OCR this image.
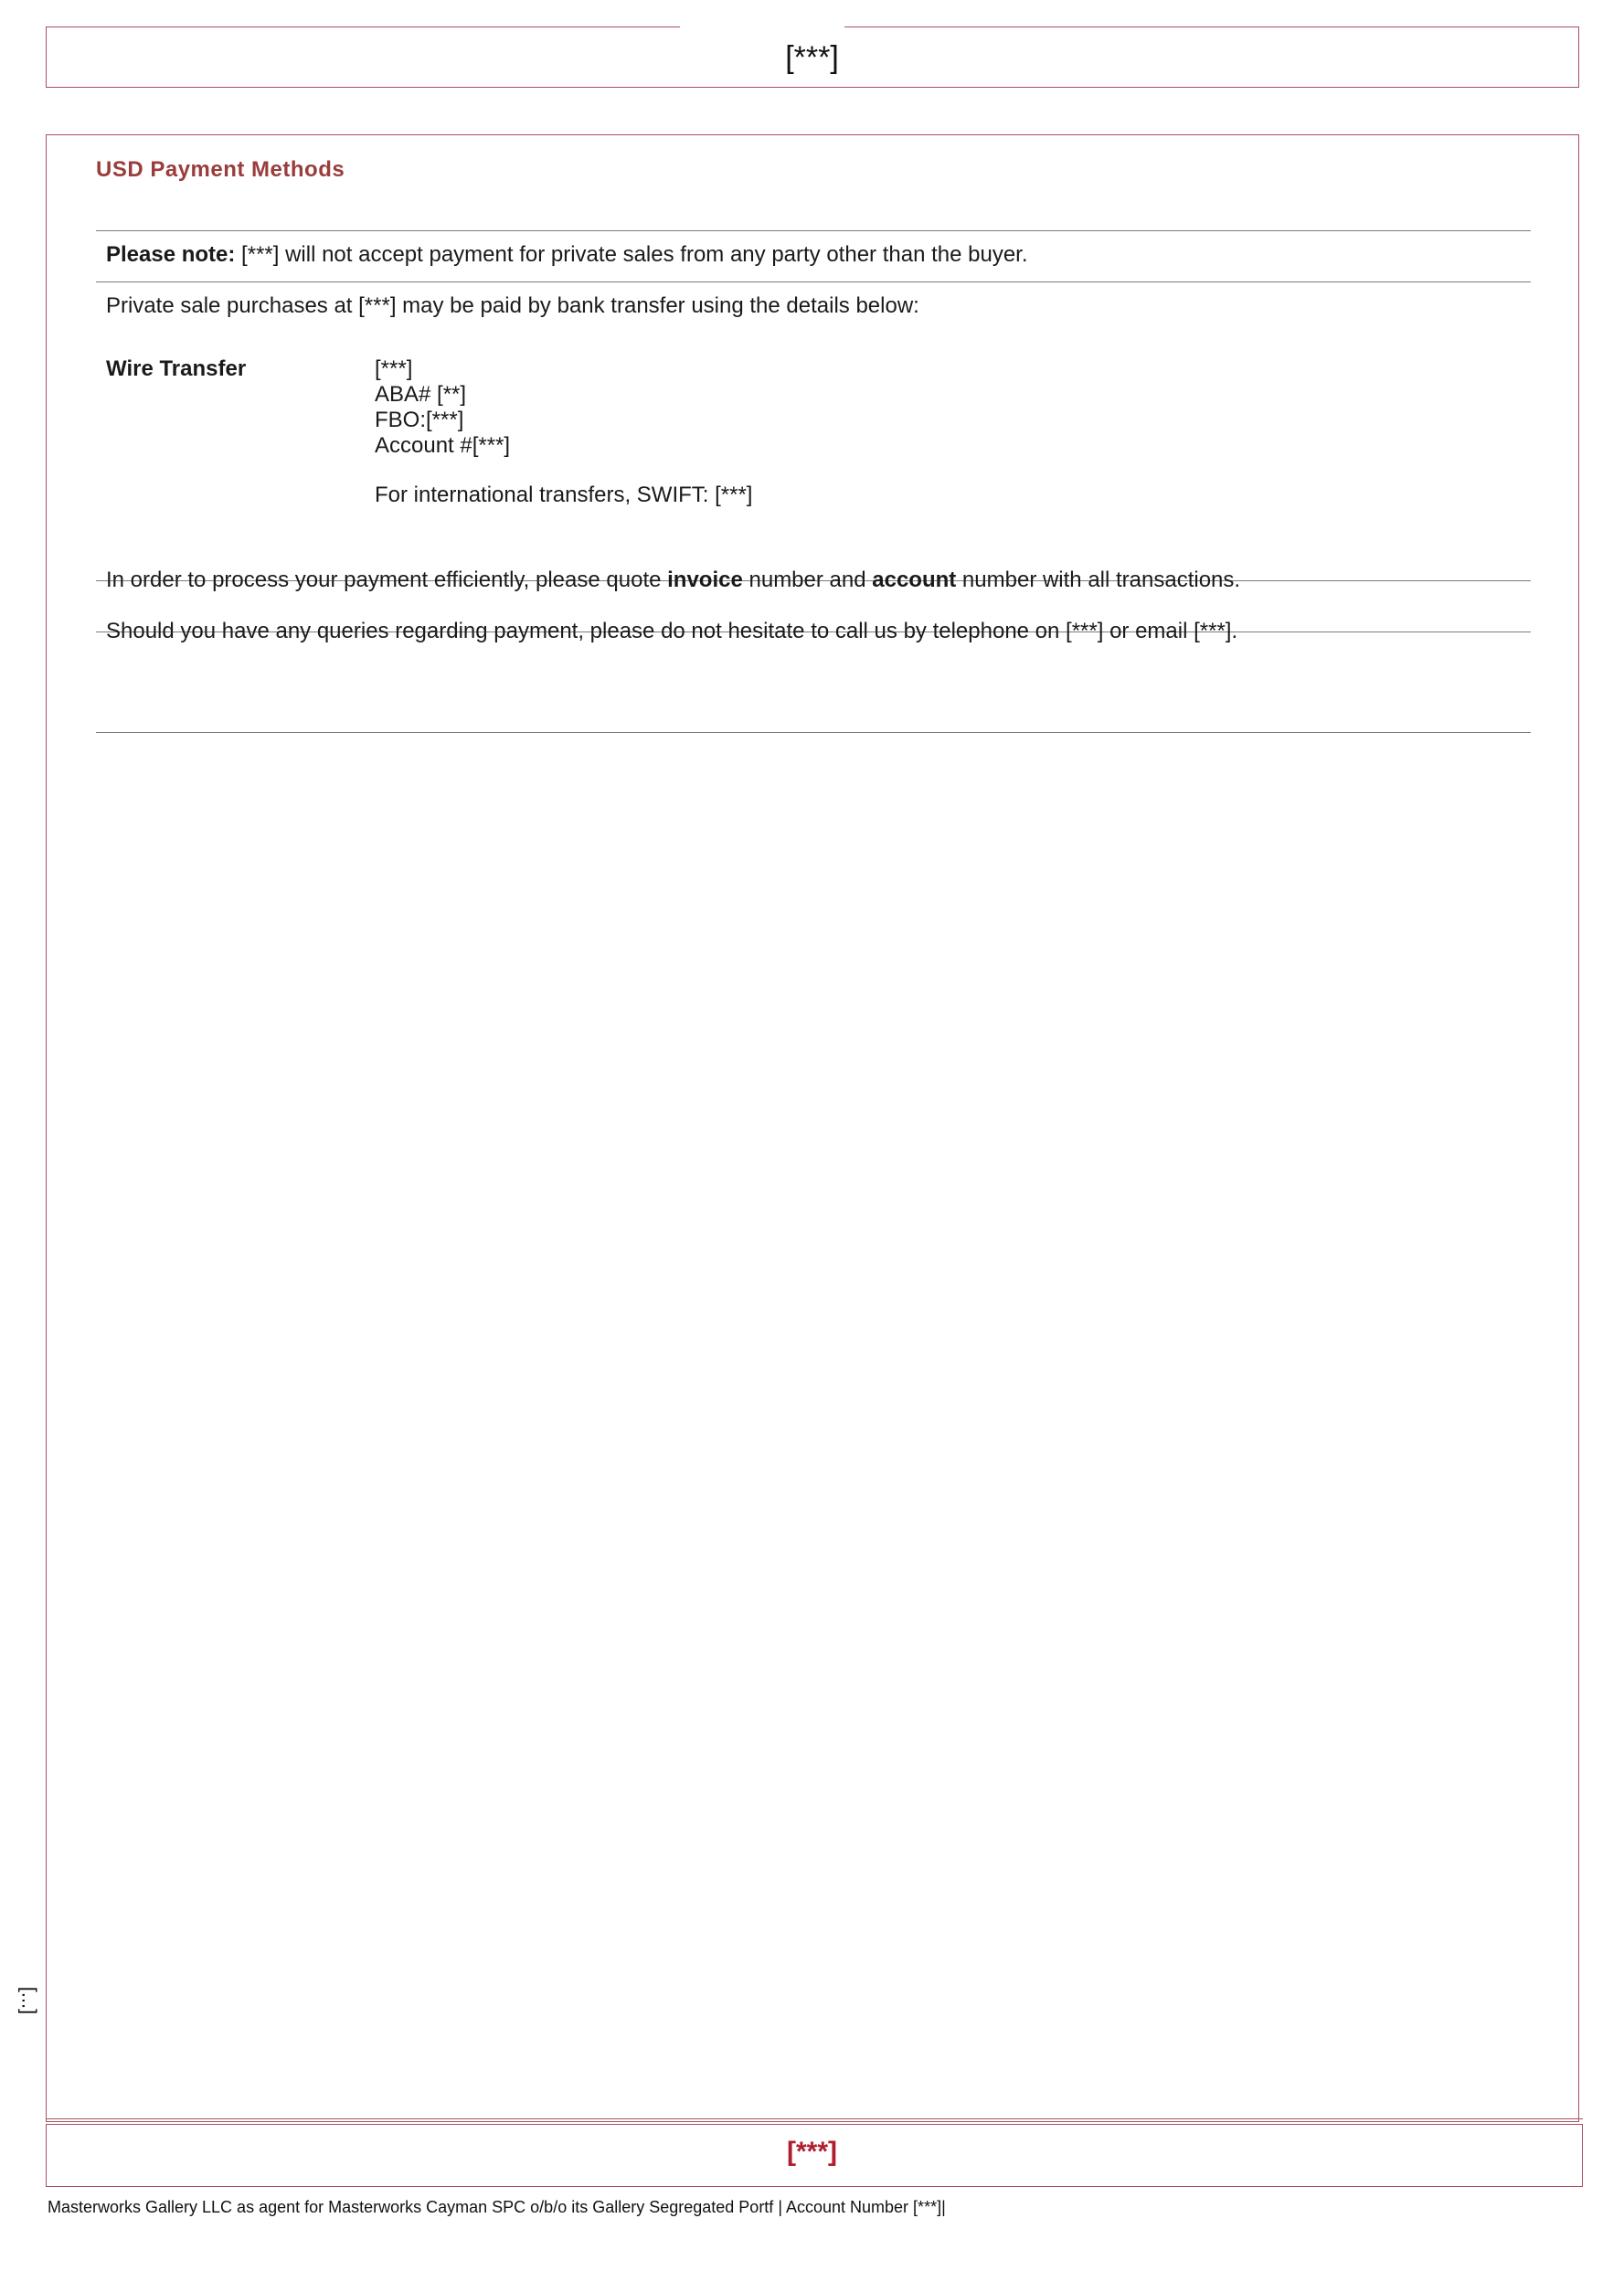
[***]
USD Payment Methods
Please note: [***] will not accept payment for private sales from any party other than the buyer.
Private sale purchases at [***] may be paid by bank transfer using the details below:
Wire Transfer	[***]
ABA# [**]
FBO:[***]
Account #[***]
For international transfers, SWIFT: [***]
In order to process your payment efficiently, please quote invoice number and account number with all transactions.
Should you have any queries regarding payment, please do not hesitate to call us by telephone on [***] or email [***].
[...]
[***]
Masterworks Gallery LLC as agent for Masterworks Cayman SPC o/b/o its Gallery Segregated Portf | Account Number [***]|
